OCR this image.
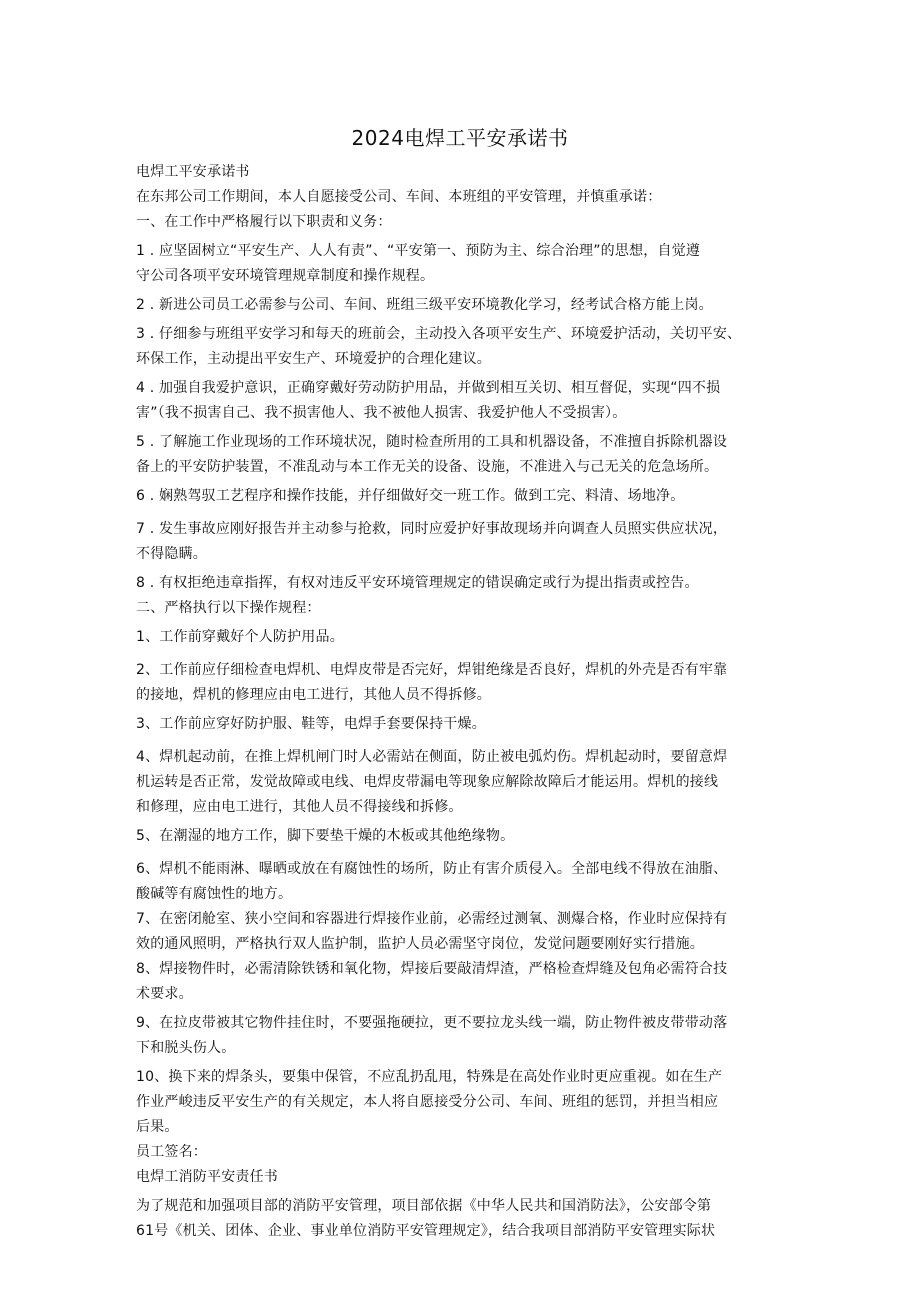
2024电焊工平安承诺书
电焊工平安承诺书
在东邦公司工作期间，本人自愿接受公司、车间、本班组的平安管理，并慎重承诺：
一、在工作中严格履行以下职责和义务：
1 . 应坚固树立“平安生产、人人有责”、“平安第一、预防为主、综合治理”的思想，自觉遵
守公司各项平安环境管理规章制度和操作规程。
2 . 新进公司员工必需参与公司、车间、班组三级平安环境教化学习，经考试合格方能上岗。
3 . 仔细参与班组平安学习和每天的班前会，主动投入各项平安生产、环境爱护活动，关切平安、
环保工作，主动提出平安生产、环境爱护的合理化建议。
4 . 加强自我爱护意识，正确穿戴好劳动防护用品，并做到相互关切、相互督促，实现“四不损
害”（我不损害自己、我不损害他人、我不被他人损害、我爱护他人不受损害）。
5 . 了解施工作业现场的工作环境状况，随时检查所用的工具和机器设备，不准擅自拆除机器设
备上的平安防护装置，不准乱动与本工作无关的设备、设施，不准进入与己无关的危急场所。
6 . 娴熟驾驭工艺程序和操作技能，并仔细做好交一班工作。做到工完、料清、场地净。
7 . 发生事故应刚好报告并主动参与抢救，同时应爱护好事故现场并向调查人员照实供应状况，
不得隐瞒。
8 . 有权拒绝违章指挥，有权对违反平安环境管理规定的错误确定或行为提出指责或控告。
二、严格执行以下操作规程：
1、工作前穿戴好个人防护用品。
2、工作前应仔细检查电焊机、电焊皮带是否完好，焊钳绝缘是否良好，焊机的外壳是否有牢靠
的接地，焊机的修理应由电工进行，其他人员不得拆修。
3、工作前应穿好防护服、鞋等，电焊手套要保持干燥。
4、焊机起动前，在推上焊机闸门时人必需站在侧面，防止被电弧灼伤。焊机起动时，要留意焊
机运转是否正常，发觉故障或电线、电焊皮带漏电等现象应解除故障后才能运用。焊机的接线
和修理，应由电工进行，其他人员不得接线和拆修。
5、在潮湿的地方工作，脚下要垫干燥的木板或其他绝缘物。
6、焊机不能雨淋、曝晒或放在有腐蚀性的场所，防止有害介质侵入。全部电线不得放在油脂、
酸碱等有腐蚀性的地方。
7、在密闭舱室、狭小空间和容器进行焊接作业前，必需经过测氧、测爆合格，作业时应保持有
效的通风照明，严格执行双人监护制，监护人员必需坚守岗位，发觉问题要刚好实行措施。
8、焊接物件时，必需清除铁锈和氧化物，焊接后要敲清焊渣，严格检查焊缝及包角必需符合技
术要求。
9、在拉皮带被其它物件挂住时，不要强拖硬拉，更不要拉龙头线一端，防止物件被皮带带动落
下和脱头伤人。
10、换下来的焊条头，要集中保管，不应乱扔乱甩，特殊是在高处作业时更应重视。如在生产
作业严峻违反平安生产的有关规定，本人将自愿接受分公司、车间、班组的惩罚，并担当相应
后果。
员工签名：
电焊工消防平安责任书
为了规范和加强项目部的消防平安管理，项目部依据《中华人民共和国消防法》，公安部令第
61号《机关、团体、企业、事业单位消防平安管理规定》，结合我项目部消防平安管理实际状
